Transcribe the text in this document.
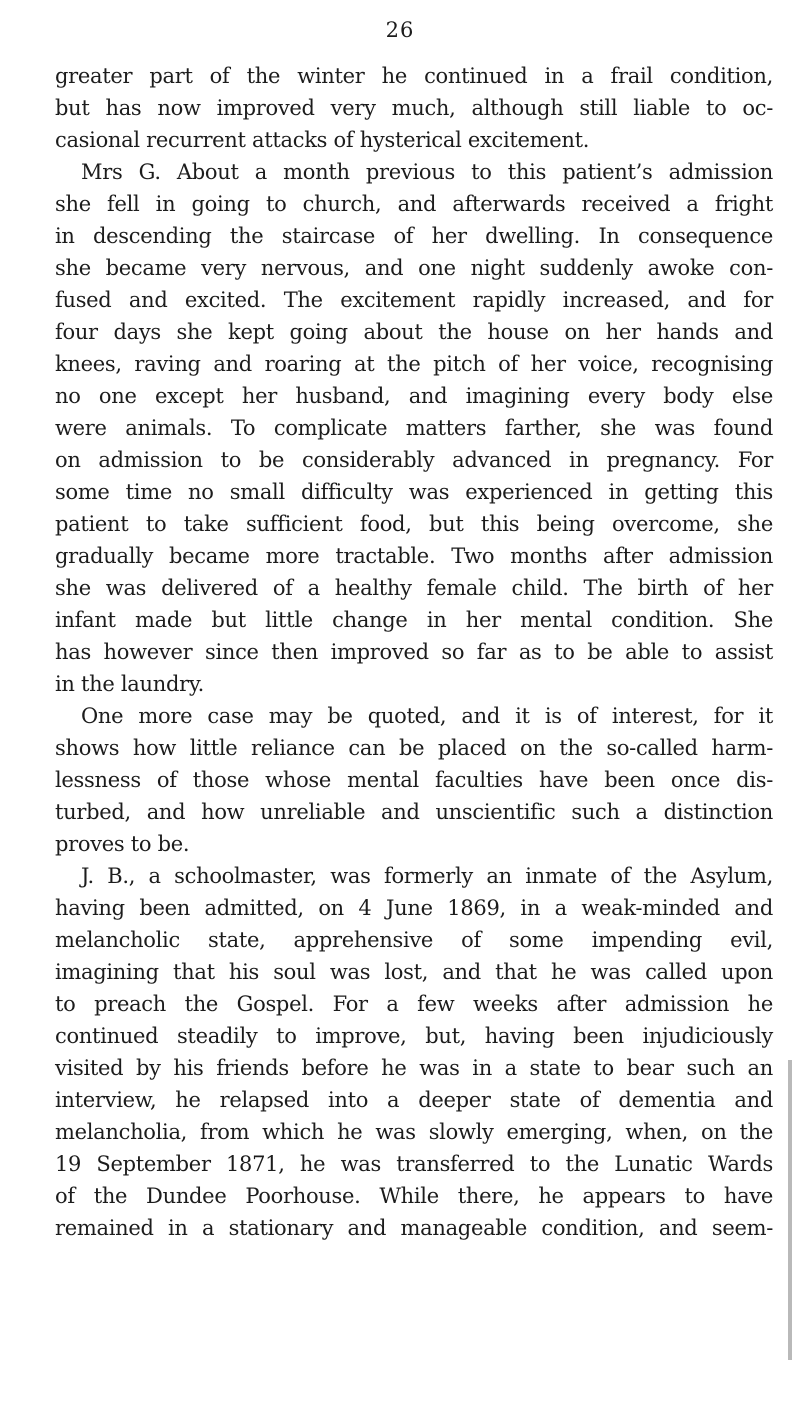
26
greater part of the winter he continued in a frail condition,
but has now improved very much, although still liable to oc-
casional recurrent attacks of hysterical excitement.
Mrs G. About a month previous to this patient’s admission
she fell in going to church, and afterwards received a fright
in descending the staircase of her dwelling. In consequence
she became very nervous, and one night suddenly awoke con-
fused and excited. The excitement rapidly increased, and for
four days she kept going about the house on her hands and
knees, raving and roaring at the pitch of her voice, recognising
no one except her husband, and imagining every body else
were animals. To complicate matters farther, she was found
on admission to be considerably advanced in pregnancy. For
some time no small difficulty was experienced in getting this
patient to take sufficient food, but this being overcome, she
gradually became more tractable. Two months after admission
she was delivered of a healthy female child. The birth of her
infant made but little change in her mental condition. She
has however since then improved so far as to be able to assist
in the laundry.
One more case may be quoted, and it is of interest, for it
shows how little reliance can be placed on the so-called harm-
lessness of those whose mental faculties have been once dis-
turbed, and how unreliable and unscientific such a distinction
proves to be.
J. B., a schoolmaster, was formerly an inmate of the Asylum,
having been admitted, on 4 June 1869, in a weak-minded and
melancholic state, apprehensive of some impending evil,
imagining that his soul was lost, and that he was called upon
to preach the Gospel. For a few weeks after admission he
continued steadily to improve, but, having been injudiciously
visited by his friends before he was in a state to bear such an
interview, he relapsed into a deeper state of dementia and
melancholia, from which he was slowly emerging, when, on the
19 September 1871, he was transferred to the Lunatic Wards
of the Dundee Poorhouse. While there, he appears to have
remained in a stationary and manageable condition, and seem-
